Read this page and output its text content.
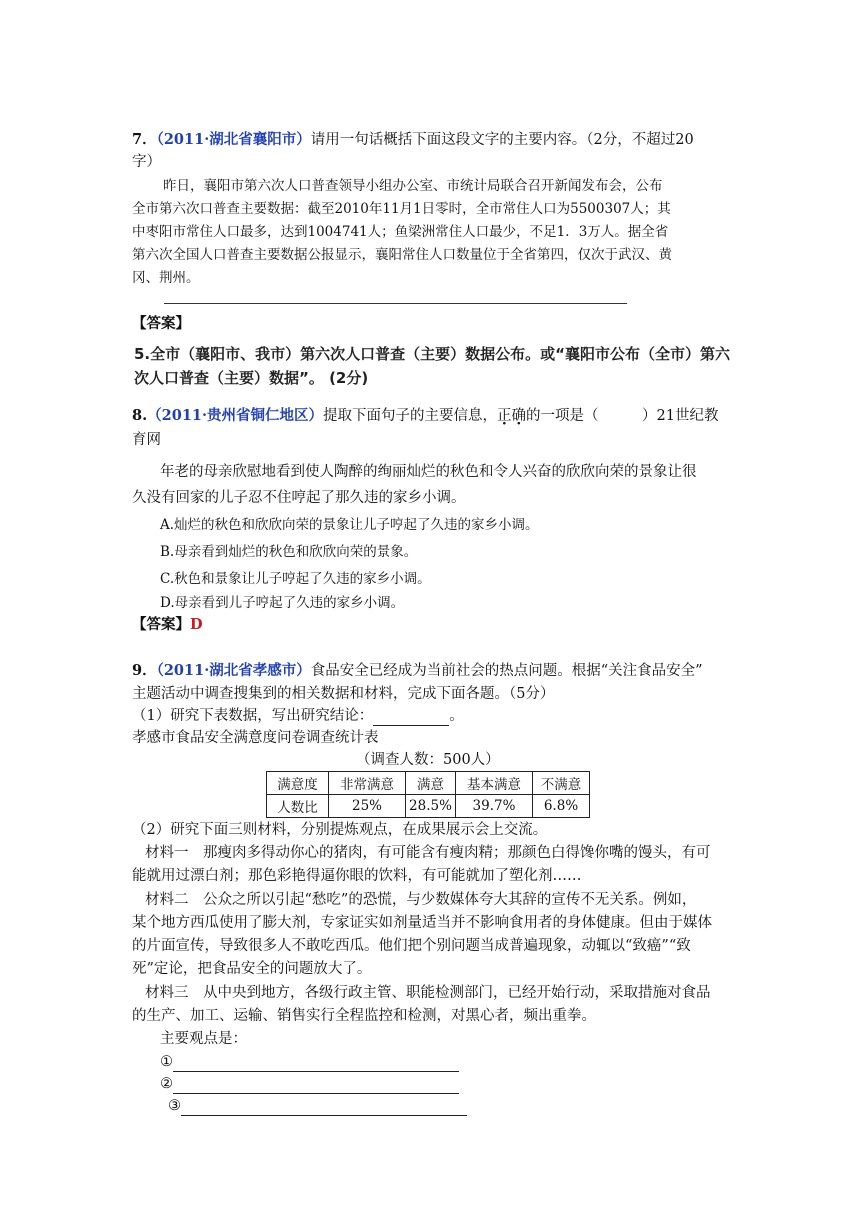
7．（2011·湖北省襄阳市）请用一句话概括下面这段文字的主要内容。（2分，不超过20
字）
昨日，襄阳市第六次人口普查领导小组办公室、市统计局联合召开新闻发布会，公布
全市第六次口普查主要数据：截至2010年11月1日零时，全市常住人口为5500307人；其
中枣阳市常住人口最多，达到1004741人；鱼梁洲常住人口最少，不足1．3万人。据全省
第六次全国人口普查主要数据公报显示，襄阳常住人口数量位于全省第四，仅次于武汉、黄
冈、荆州。
【答案】
5.全市（襄阳市、我市）第六次人口普查（主要）数据公布。或“襄阳市公布（全市）第六
次人口普查（主要）数据”。 (2分)
8.（2011·贵州省铜仁地区）提取下面句子的主要信息，正确的一项是（　　　）21世纪教
育网
年老的母亲欣慰地看到使人陶醉的绚丽灿烂的秋色和令人兴奋的欣欣向荣的景象让很
久没有回家的儿子忍不住哼起了那久违的家乡小调。
A.灿烂的秋色和欣欣向荣的景象让儿子哼起了久违的家乡小调。
B.母亲看到灿烂的秋色和欣欣向荣的景象。
C.秋色和景象让儿子哼起了久违的家乡小调。
D.母亲看到儿子哼起了久违的家乡小调。
【答案】D
9．（2011·湖北省孝感市）食品安全已经成为当前社会的热点问题。根据“关注食品安全”
主题活动中调查搜集到的相关数据和材料，完成下面各题。（5分）
（1）研究下表数据，写出研究结论：	。
孝感市食品安全满意度问卷调查统计表
（调查人数：500人）
满意度	非常满意	满意	基本满意	不满意
人数比	25%	28.5%	39.7%	6.8%
（2）研究下面三则材料，分别提炼观点，在成果展示会上交流。
材料一　那瘦肉多得动你心的猪肉，有可能含有瘦肉精；那颜色白得馋你嘴的馒头，有可
能就用过漂白剂；那色彩艳得逼你眼的饮料，有可能就加了塑化剂……
材料二　公众之所以引起“愁吃”的恐慌，与少数媒体夸大其辞的宣传不无关系。例如，
某个地方西瓜使用了膨大剂，专家证实如剂量适当并不影响食用者的身体健康。但由于媒体
的片面宣传，导致很多人不敢吃西瓜。他们把个别问题当成普遍现象，动辄以“致癌”“致
死”定论，把食品安全的问题放大了。
材料三　从中央到地方，各级行政主管、职能检测部门，已经开始行动，采取措施对食品
的生产、加工、运输、销售实行全程监控和检测，对黑心者，频出重拳。
主要观点是：
①
②
③
